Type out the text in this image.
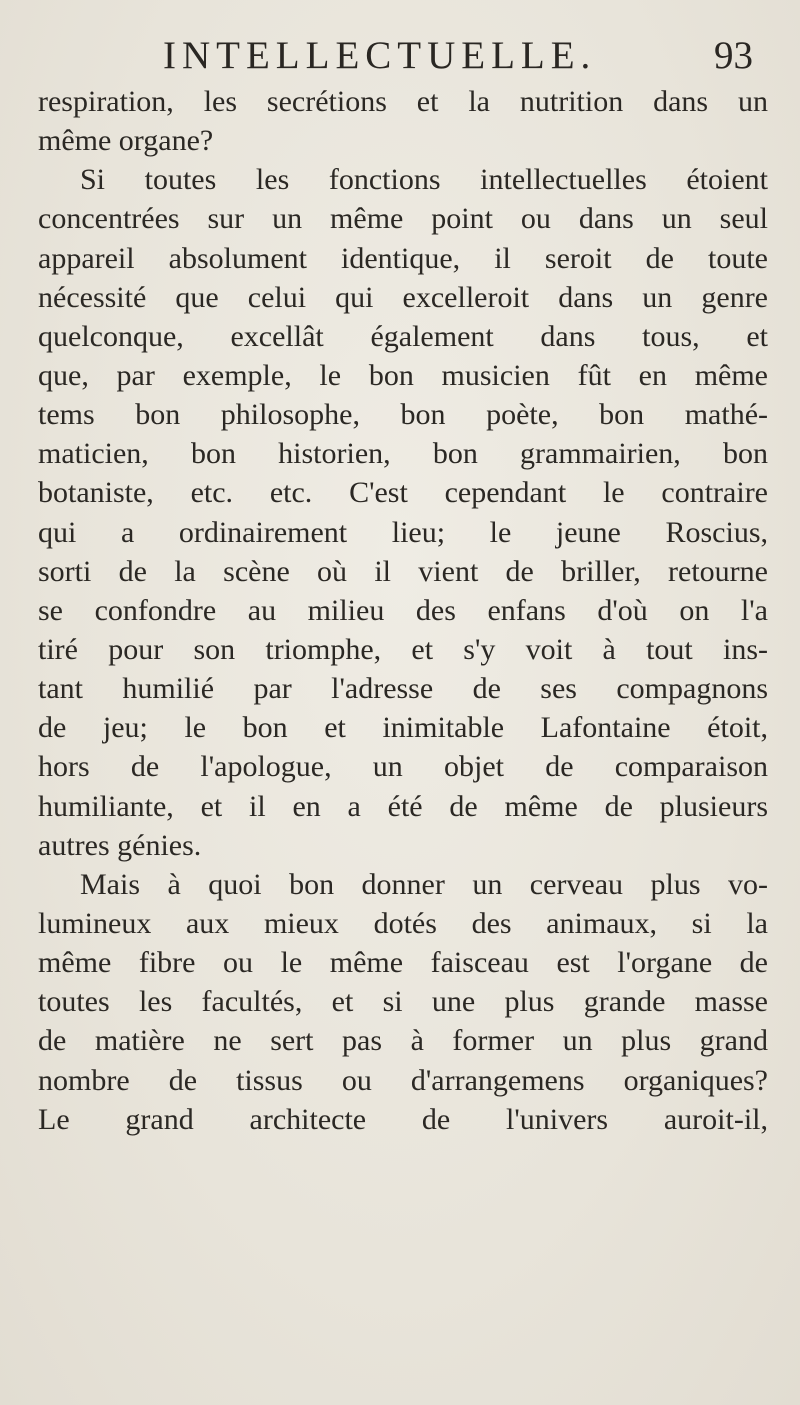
INTELLECTUELLE.	93
respiration, les secrétions et la nutrition dans un
même organe?
Si toutes les fonctions intellectuelles étoient
concentrées sur un même point ou dans un seul
appareil absolument identique, il seroit de toute
nécessité que celui qui excelleroit dans un genre
quelconque, excellât également dans tous, et
que, par exemple, le bon musicien fût en même
tems bon philosophe, bon poète, bon mathé-
maticien, bon historien, bon grammairien, bon
botaniste, etc. etc. C'est cependant le contraire
qui a ordinairement lieu; le jeune Roscius,
sorti de la scène où il vient de briller, retourne
se confondre au milieu des enfans d'où on l'a
tiré pour son triomphe, et s'y voit à tout ins-
tant humilié par l'adresse de ses compagnons
de jeu; le bon et inimitable Lafontaine étoit,
hors de l'apologue, un objet de comparaison
humiliante, et il en a été de même de plusieurs
autres génies.
Mais à quoi bon donner un cerveau plus vo-
lumineux aux mieux dotés des animaux, si la
même fibre ou le même faisceau est l'organe de
toutes les facultés, et si une plus grande masse
de matière ne sert pas à former un plus grand
nombre de tissus ou d'arrangemens organiques?
Le grand architecte de l'univers auroit-il,
